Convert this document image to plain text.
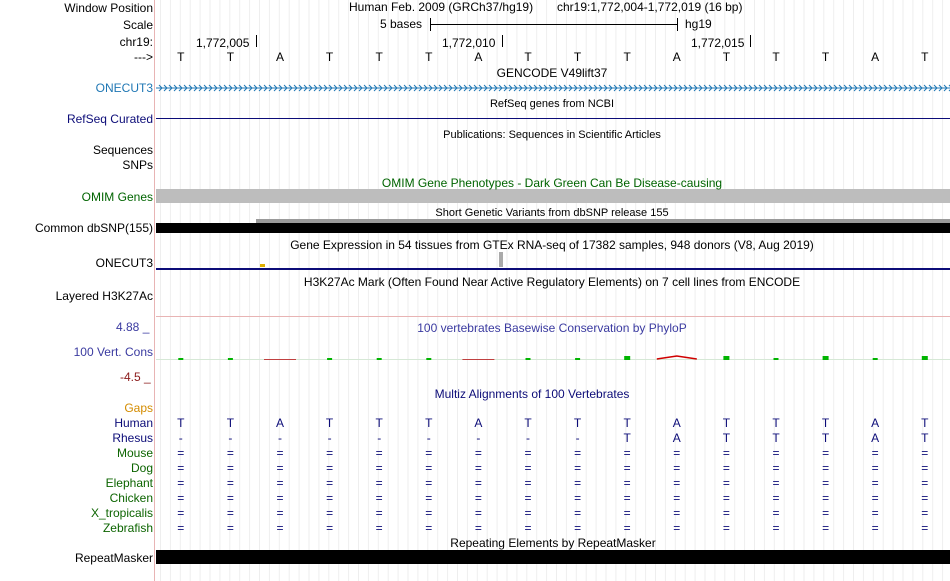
Window Position
Scale
chr19:
--->
Human Feb. 2009 (GRCh37/hg19) chr19:1,772,004-1,772,019 (16 bp)
5 bases	hg19
1,772,005	1,772,010	1,772,015
T	T	A	T	T	T	A	T	T	T	A	T	T	T	A	T
GENCODE V49lift37
ONECUT3
RefSeq genes from NCBI
RefSeq Curated
Publications: Sequences in Scientific Articles
Sequences
SNPs
OMIM Gene Phenotypes - Dark Green Can Be Disease-causing
OMIM Genes
Short Genetic Variants from dbSNP release 155
Common dbSNP(155)
Gene Expression in 54 tissues from GTEx RNA-seq of 17382 samples, 948 donors (V8, Aug 2019)
ONECUT3
H3K27Ac Mark (Often Found Near Active Regulatory Elements) on 7 cell lines from ENCODE
Layered H3K27Ac
100 vertebrates Basewise Conservation by PhyloP
4.88 _
100 Vert. Cons
-4.5 _
Multiz Alignments of 100 Vertebrates
Gaps
Human	T	T	A	T	T	T	A	T	T	T	A	T	T	T	A	T
Rhesus	-	-	-	-	-	-	-	-	-	T	A	T	T	T	A	T
Mouse	=	=	=	=	=	=	=	=	=	=	=	=	=	=	=	=
Dog	=	=	=	=	=	=	=	=	=	=	=	=	=	=	=	=
Elephant	=	=	=	=	=	=	=	=	=	=	=	=	=	=	=	=
Chicken	=	=	=	=	=	=	=	=	=	=	=	=	=	=	=	=
X_tropicalis	=	=	=	=	=	=	=	=	=	=	=	=	=	=	=	=
Zebrafish	=	=	=	=	=	=	=	=	=	=	=	=	=	=	=	=
Repeating Elements by RepeatMasker
RepeatMasker
